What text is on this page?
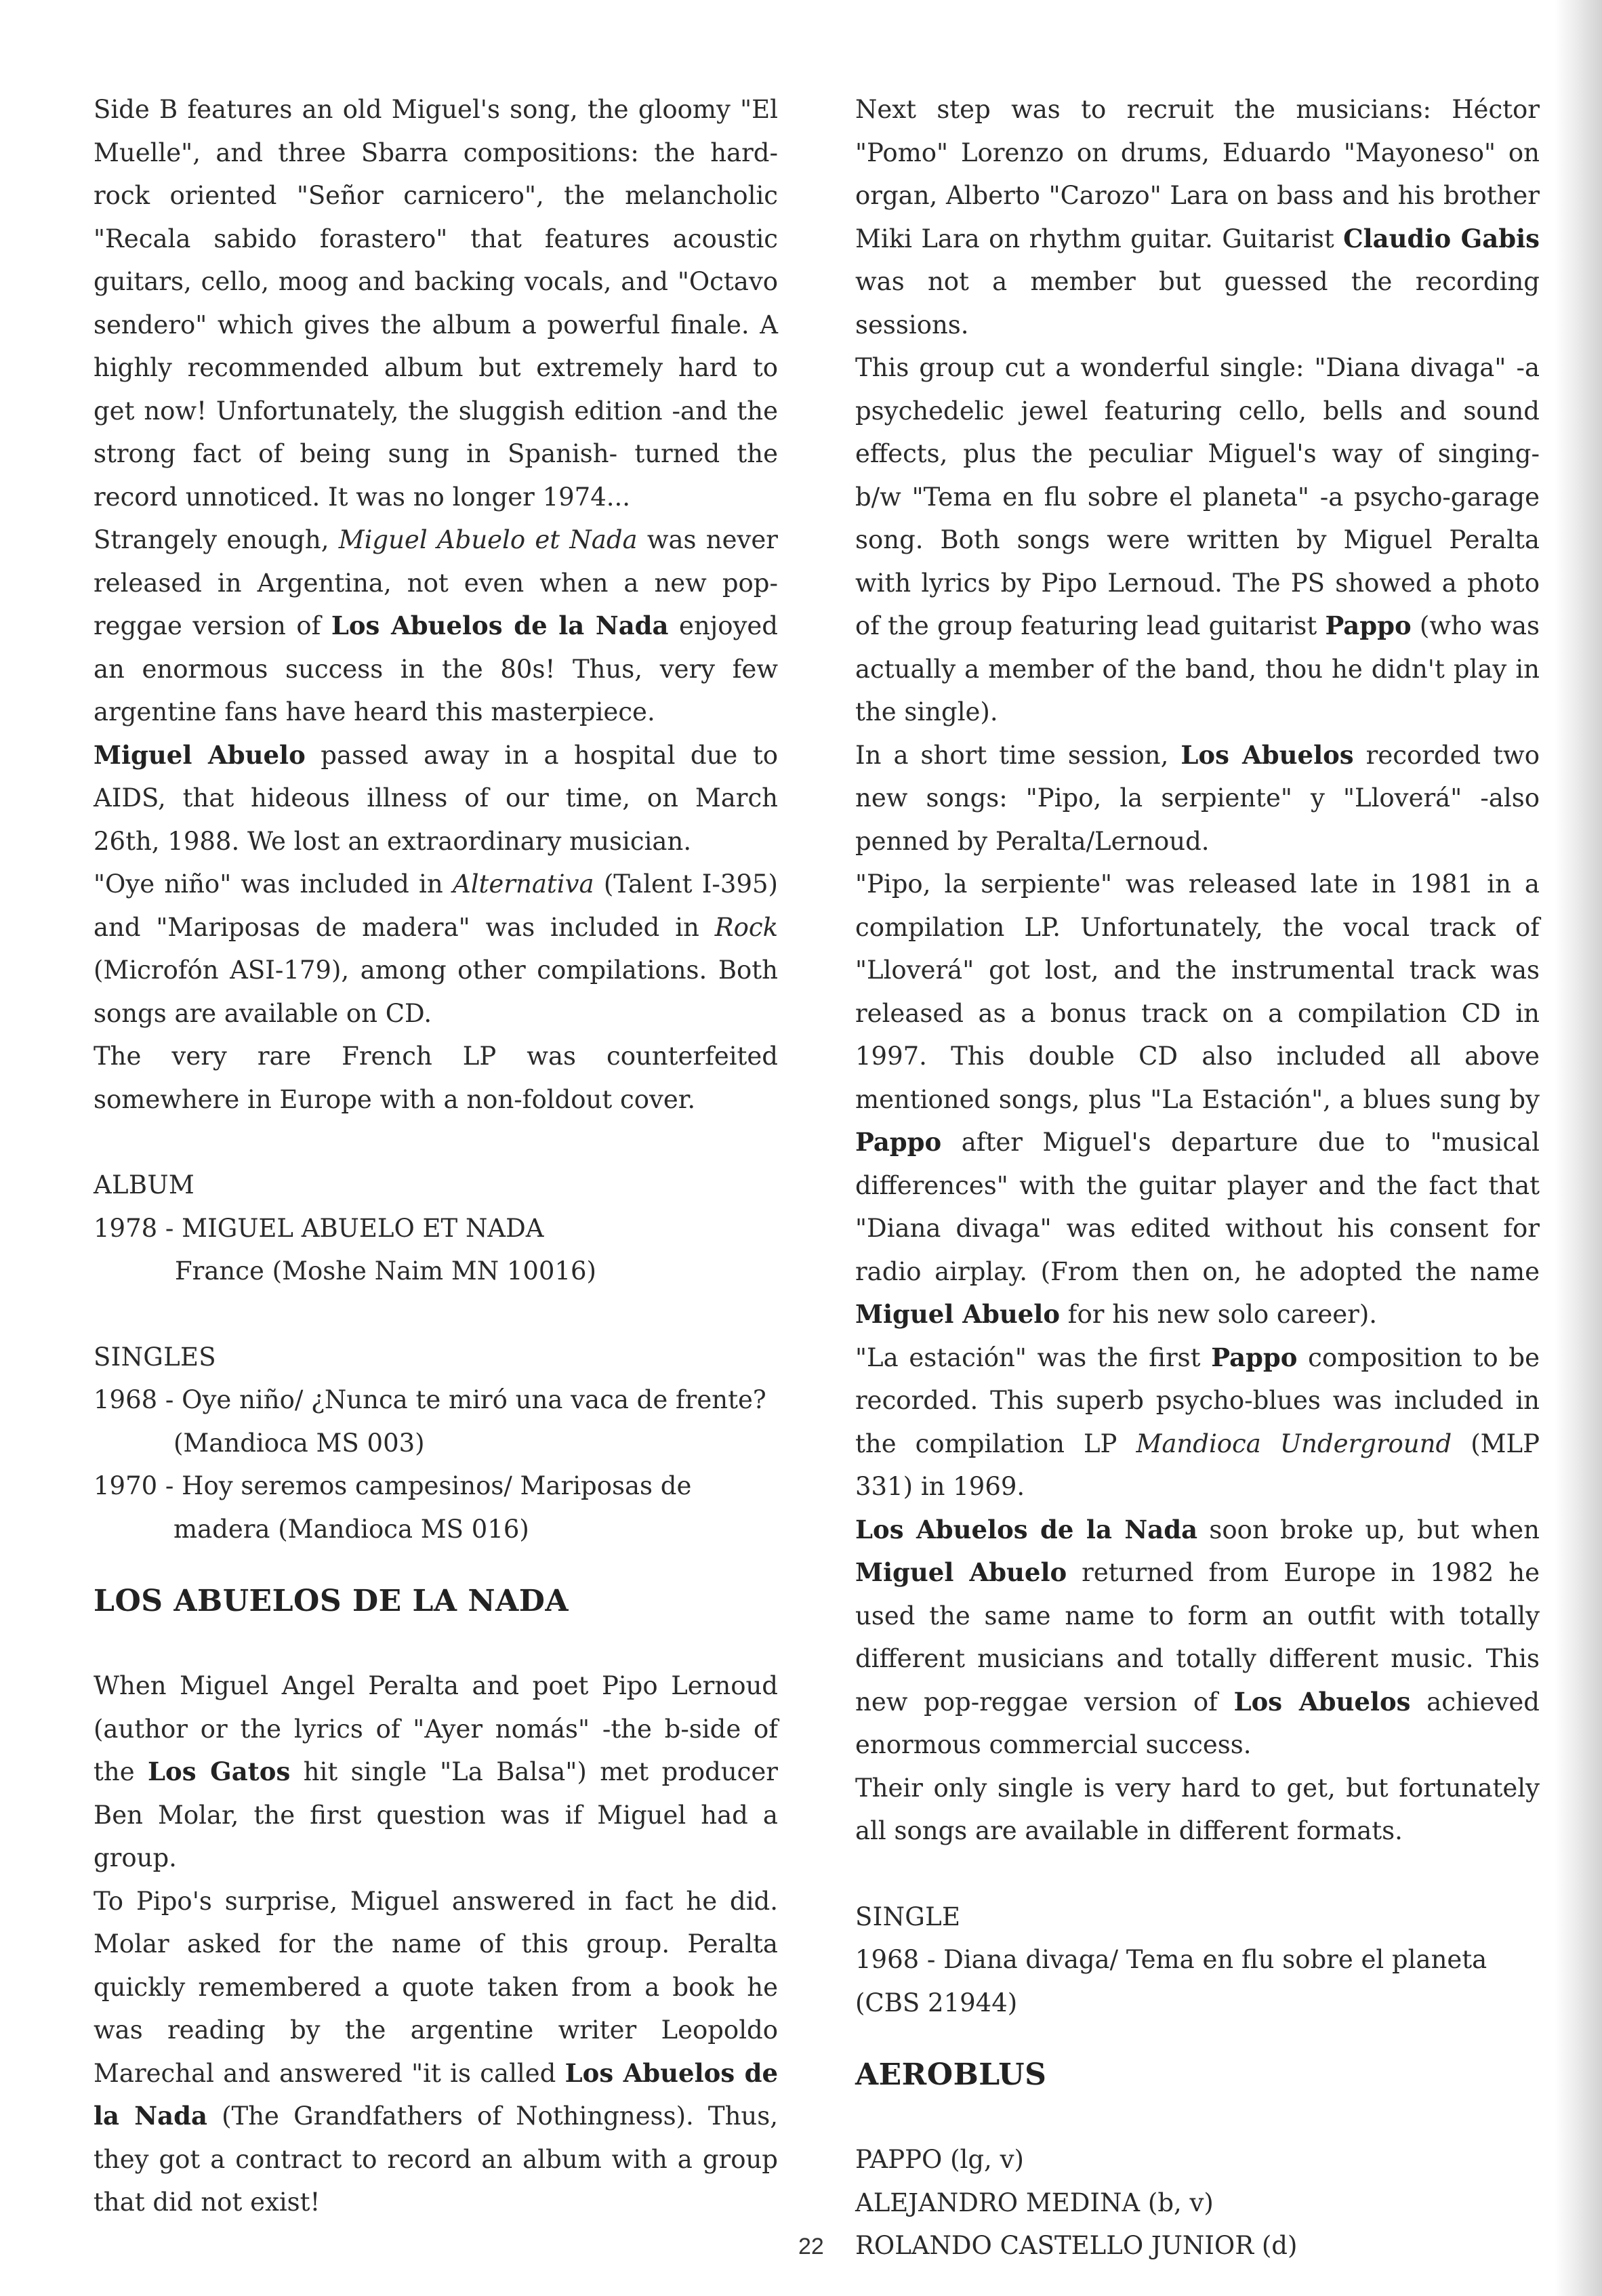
Side B features an old Miguel's song, the gloomy "El Muelle", and three Sbarra compositions: the hard-rock oriented "Señor carnicero", the melancholic "Recala sabido forastero" that features acoustic guitars, cello, moog and backing vocals, and "Octavo sendero" which gives the album a powerful finale. A highly recommended album but extremely hard to get now! Unfortunately, the sluggish edition -and the strong fact of being sung in Spanish- turned the record unnoticed. It was no longer 1974...

Strangely enough, Miguel Abuelo et Nada was never released in Argentina, not even when a new pop-reggae version of Los Abuelos de la Nada enjoyed an enormous success in the 80s! Thus, very few argentine fans have heard this masterpiece.

Miguel Abuelo passed away in a hospital due to AIDS, that hideous illness of our time, on March 26th, 1988. We lost an extraordinary musician.

"Oye niño" was included in Alternativa (Talent I-395) and "Mariposas de madera" was included in Rock (Microfón ASI-179), among other compilations. Both songs are available on CD.

The very rare French LP was counterfeited somewhere in Europe with a non-foldout cover.

ALBUM

1978 - MIGUEL ABUELO ET NADA

France (Moshe Naim MN 10016)

SINGLES

1968 - Oye niño/ ¿Nunca te miró una vaca de frente?

(Mandioca MS 003)

1970 - Hoy seremos campesinos/ Mariposas de

madera (Mandioca MS 016)

LOS ABUELOS DE LA NADA

When Miguel Angel Peralta and poet Pipo Lernoud (author or the lyrics of "Ayer nomás" -the b-side of the Los Gatos hit single "La Balsa") met producer Ben Molar, the first question was if Miguel had a group.

To Pipo's surprise, Miguel answered in fact he did. Molar asked for the name of this group. Peralta quickly remembered a quote taken from a book he was reading by the argentine writer Leopoldo Marechal and answered "it is called Los Abuelos de la Nada (The Grandfathers of Nothingness). Thus, they got a contract to record an album with a group that did not exist!

Next step was to recruit the musicians: Héctor "Pomo" Lorenzo on drums, Eduardo "Mayoneso" on organ, Alberto "Carozo" Lara on bass and his brother Miki Lara on rhythm guitar. Guitarist Claudio Gabis was not a member but guessed the recording sessions.

This group cut a wonderful single: "Diana divaga" -a psychedelic jewel featuring cello, bells and sound effects, plus the peculiar Miguel's way of singing- b/w "Tema en flu sobre el planeta" -a psycho-garage song. Both songs were written by Miguel Peralta with lyrics by Pipo Lernoud. The PS showed a photo of the group featuring lead guitarist Pappo (who was actually a member of the band, thou he didn't play in the single).

In a short time session, Los Abuelos recorded two new songs: "Pipo, la serpiente" y "Lloverá" -also penned by Peralta/Lernoud.

"Pipo, la serpiente" was released late in 1981 in a compilation LP. Unfortunately, the vocal track of "Lloverá" got lost, and the instrumental track was released as a bonus track on a compilation CD in 1997. This double CD also included all above mentioned songs, plus "La Estación", a blues sung by Pappo after Miguel's departure due to "musical differences" with the guitar player and the fact that "Diana divaga" was edited without his consent for radio airplay. (From then on, he adopted the name Miguel Abuelo for his new solo career).

"La estación" was the first Pappo composition to be recorded. This superb psycho-blues was included in the compilation LP Mandioca Underground (MLP 331) in 1969.

Los Abuelos de la Nada soon broke up, but when Miguel Abuelo returned from Europe in 1982 he used the same name to form an outfit with totally different musicians and totally different music. This new pop-reggae version of Los Abuelos achieved enormous commercial success.

Their only single is very hard to get, but fortunately all songs are available in different formats.

SINGLE

1968 - Diana divaga/ Tema en flu sobre el planeta

(CBS 21944)

AEROBLUS

PAPPO (lg, v)

ALEJANDRO MEDINA (b, v)

ROLANDO CASTELLO JUNIOR (d)

22
